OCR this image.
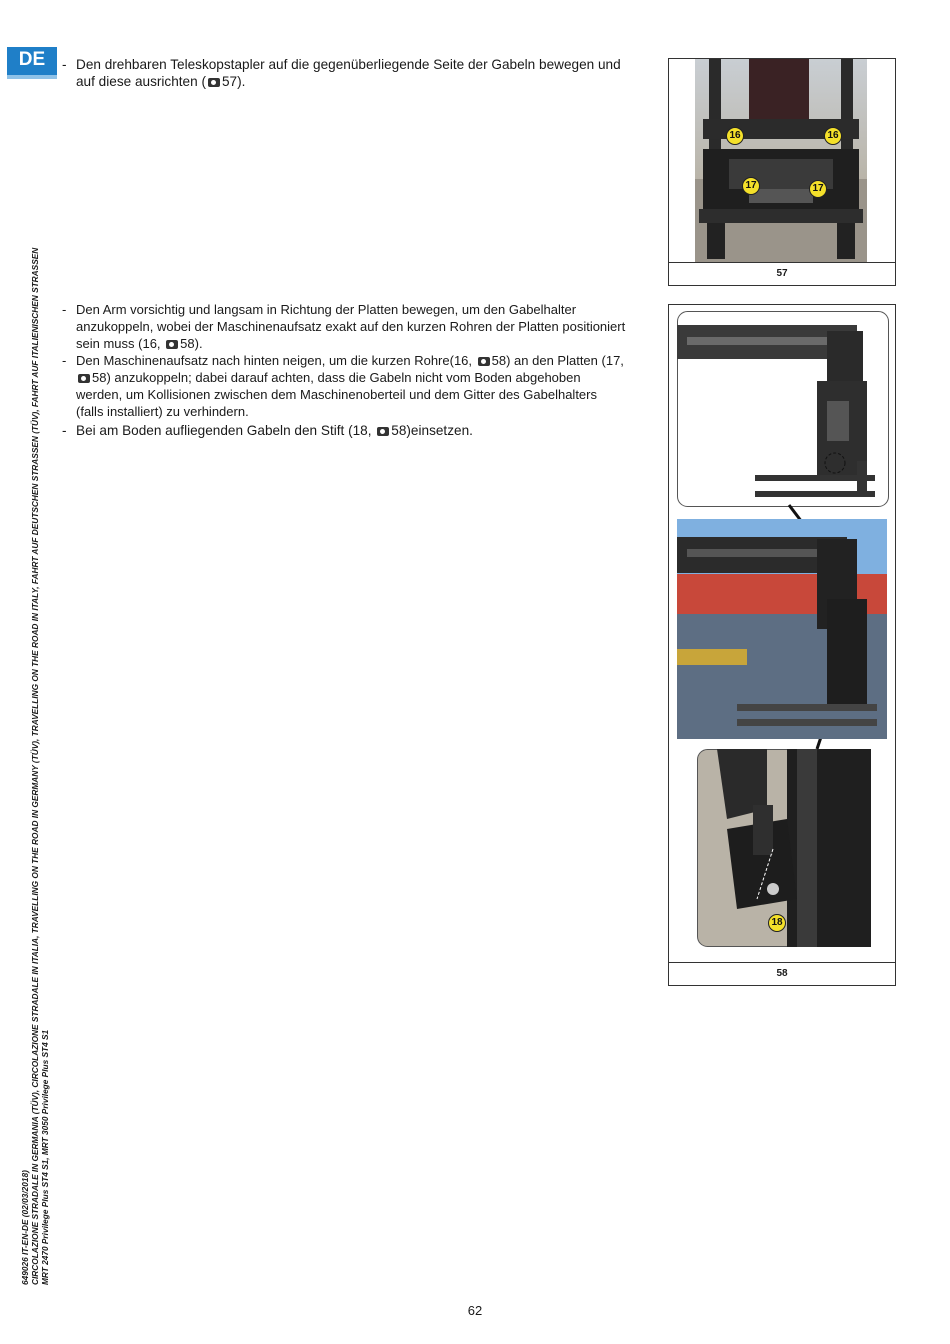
DE	- Den drehbaren Teleskopstapler auf die gegenüberliegende Seite der Gabeln bewegen und auf diese ausrichten ( 57).

- Den Arm vorsichtig und langsam in Richtung der Platten bewegen, um den Gabelhalter anzukoppeln, wobei der Maschinenaufsatz exakt auf den kurzen Rohren der Platten positioniert sein muss (16, 58).

- Den Maschinenaufsatz nach hinten neigen, um die kurzen Rohre(16, 58) an den Platten (17, 58) anzukoppeln; dabei darauf achten, dass die Gabeln nicht vom Boden abgehoben werden, um Kollisionen zwischen dem Maschinenoberteil und dem Gitter des Gabelhalters (falls installiert) zu verhindern.

- Bei am Boden aufliegenden Gabeln den Stift (18, 58)einsetzen.

16	16
17	17
57
18
58
649026 IT-EN-DE (02/03/2018) CIRCOLAZIONE STRADALE IN GERMANIA (TÜV), CIRCOLAZIONE STRADALE IN ITALIA, TRAVELLING ON THE ROAD IN GERMANY (TÜV), TRAVELLING ON THE ROAD IN ITALY, FAHRT AUF DEUTSCHEN STRASSEN (TÜV), FAHRT AUF ITALIENISCHEN STRASSEN MRT 2470 Privilege Plus ST4 S1, MRT 3050 Privilege Plus ST4 S1
62
